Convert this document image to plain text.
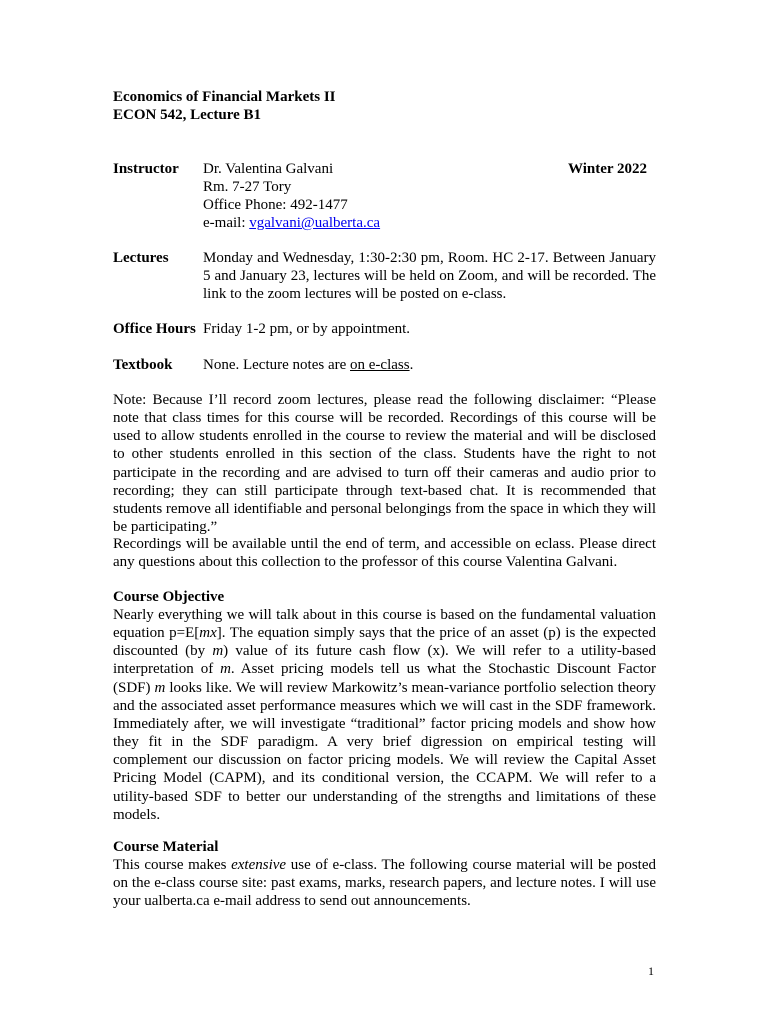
Economics of Financial Markets II
ECON 542, Lecture B1
Instructor Dr. Valentina Galvani	Winter 2022
Rm. 7-27 Tory
Office Phone: 492-1477
e-mail: vgalvani@ualberta.ca
Lectures Monday and Wednesday, 1:30-2:30 pm, Room. HC 2-17. Between January 5 and January 23, lectures will be held on Zoom, and will be recorded. The link to the zoom lectures will be posted on e-class.
Office Hours Friday 1-2 pm, or by appointment.
Textbook None. Lecture notes are on e-class.
Note: Because I’ll record zoom lectures, please read the following disclaimer: “Please note that class times for this course will be recorded. Recordings of this course will be used to allow students enrolled in the course to review the material and will be disclosed to other students enrolled in this section of the class. Students have the right to not participate in the recording and are advised to turn off their cameras and audio prior to recording; they can still participate through text-based chat. It is recommended that students remove all identifiable and personal belongings from the space in which they will be participating.”
Recordings will be available until the end of term, and accessible on eclass. Please direct any questions about this collection to the professor of this course Valentina Galvani.
Course Objective
Nearly everything we will talk about in this course is based on the fundamental valuation equation p=E[mx]. The equation simply says that the price of an asset (p) is the expected discounted (by m) value of its future cash flow (x). We will refer to a utility-based interpretation of m. Asset pricing models tell us what the Stochastic Discount Factor (SDF) m looks like. We will review Markowitz’s mean-variance portfolio selection theory and the associated asset performance measures which we will cast in the SDF framework. Immediately after, we will investigate “traditional” factor pricing models and show how they fit in the SDF paradigm. A very brief digression on empirical testing will complement our discussion on factor pricing models. We will review the Capital Asset Pricing Model (CAPM), and its conditional version, the CCAPM. We will refer to a utility-based SDF to better our understanding of the strengths and limitations of these models.
Course Material
This course makes extensive use of e-class. The following course material will be posted on the e-class course site: past exams, marks, research papers, and lecture notes. I will use your ualberta.ca e-mail address to send out announcements.
1
